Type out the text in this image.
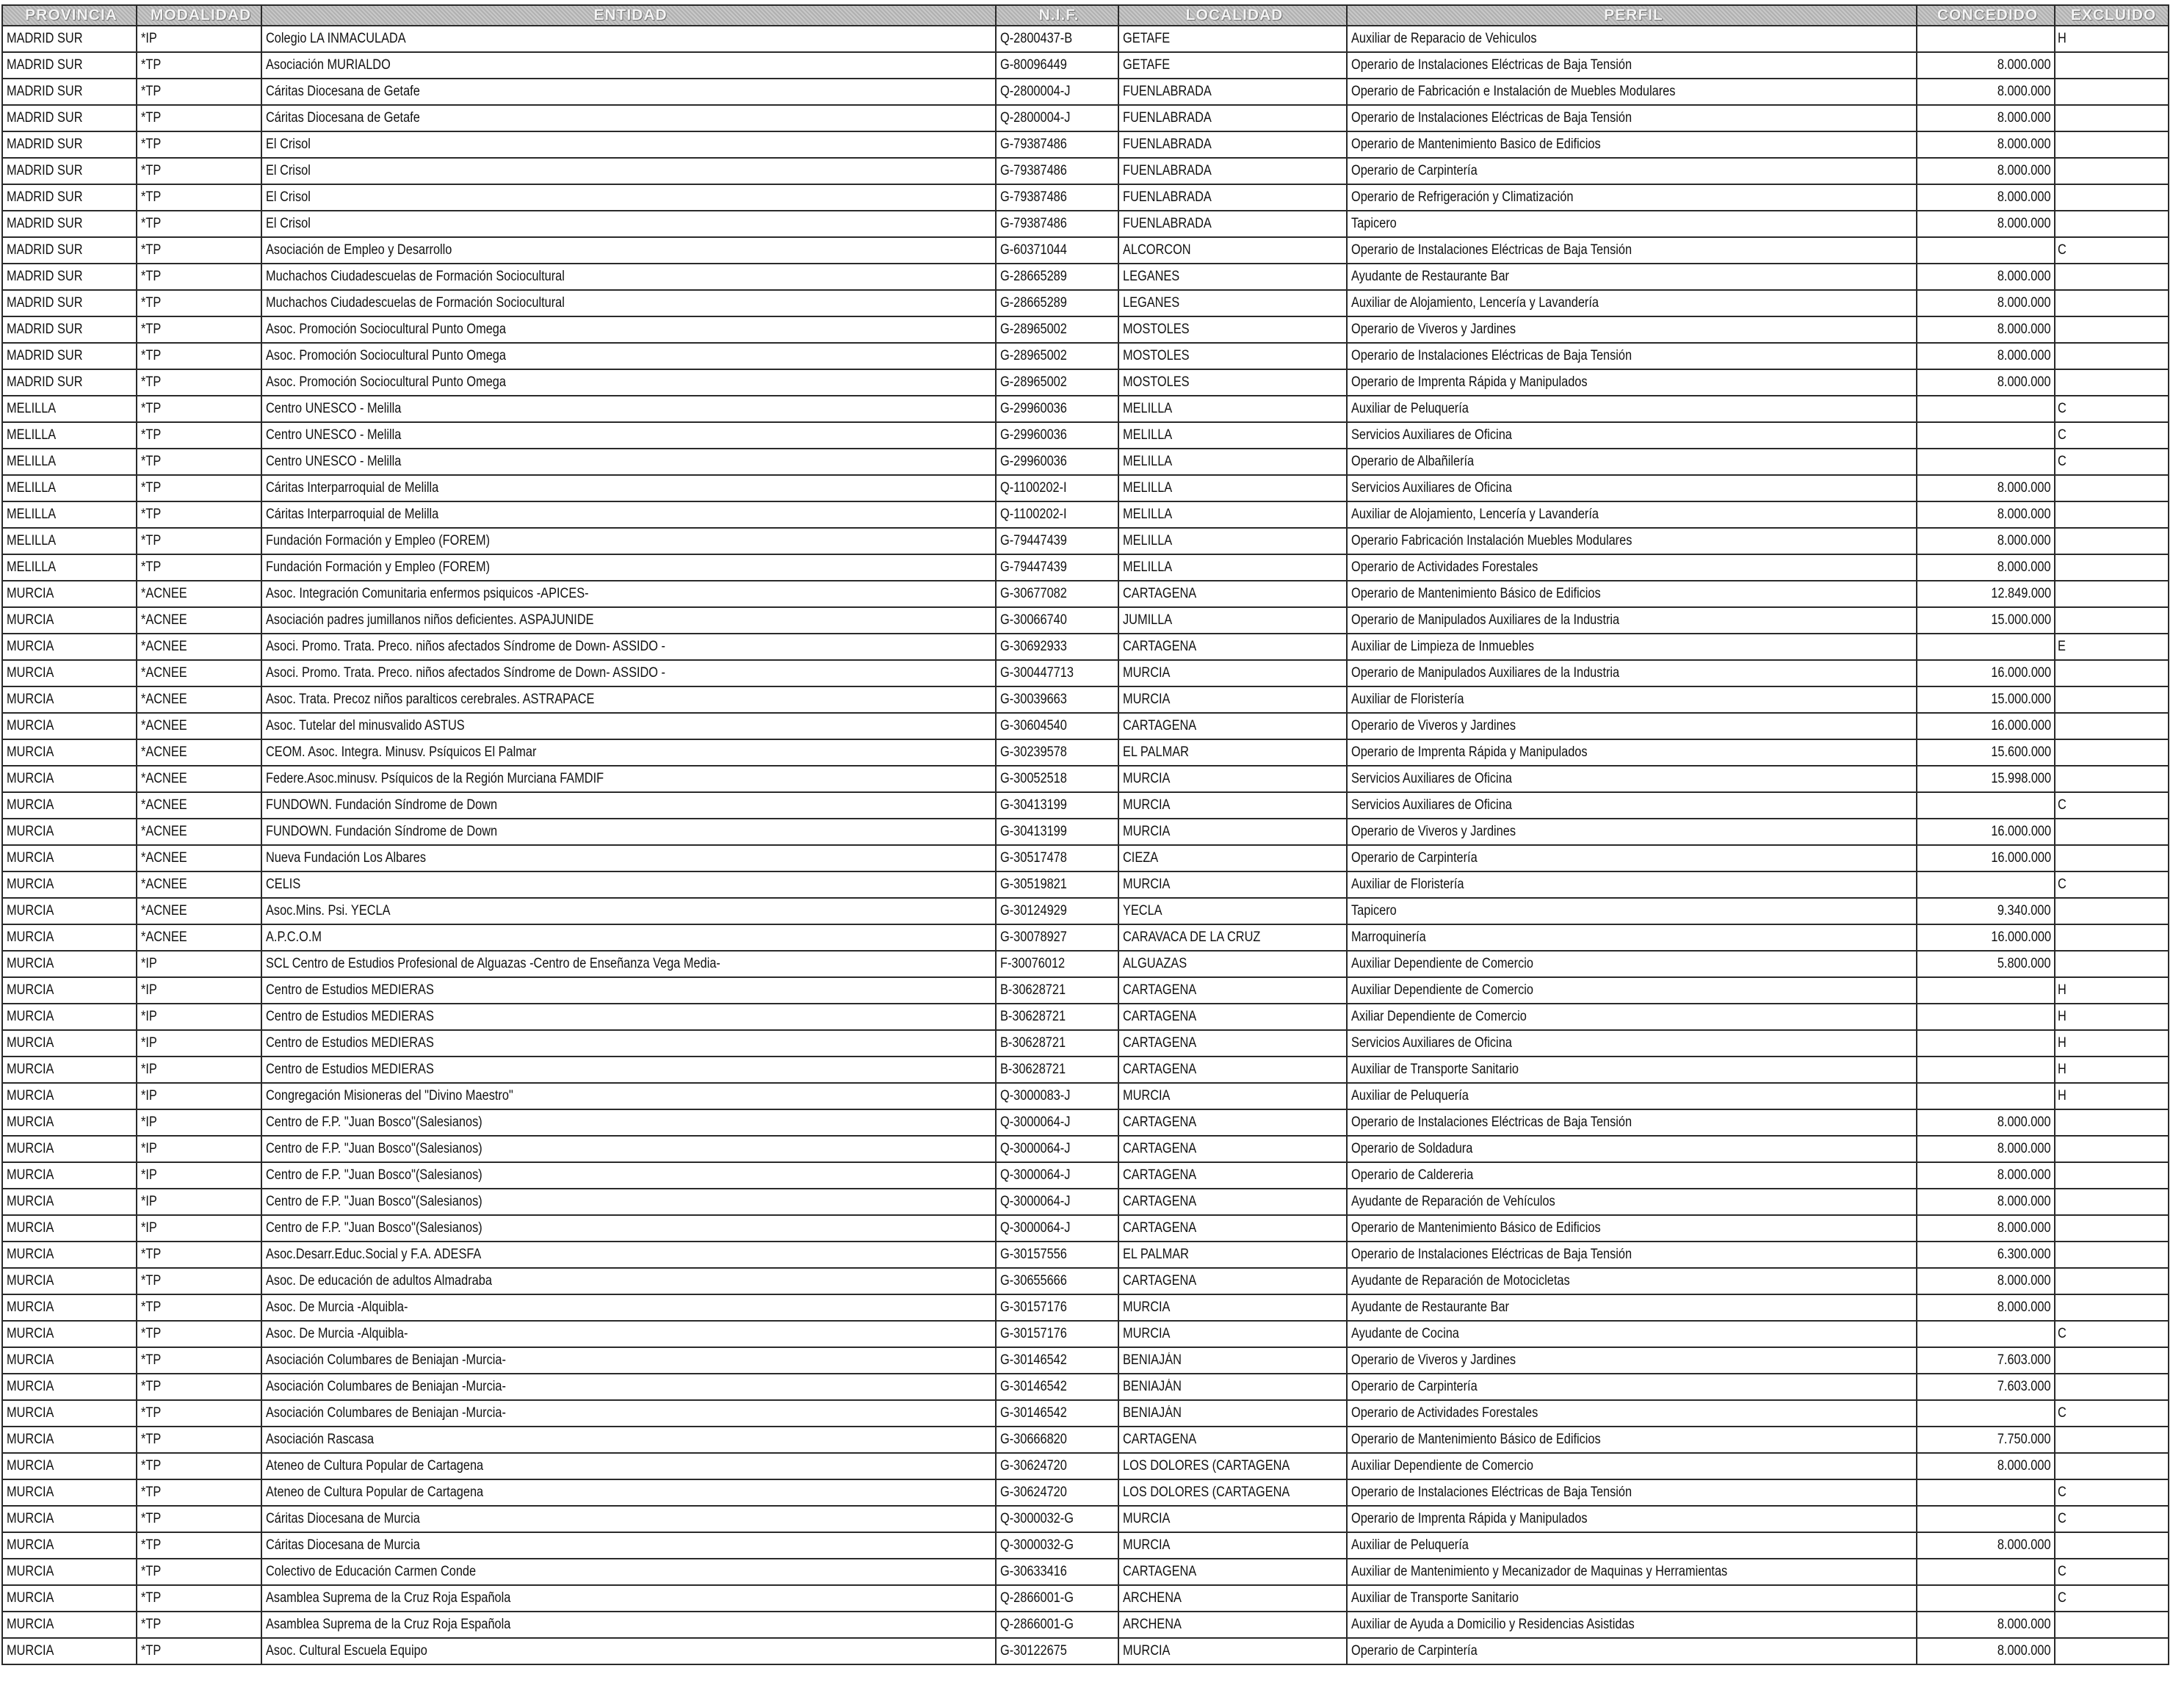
PROVINCIA	MODALIDAD	ENTIDAD	N.I.F.	LOCALIDAD	PERFIL	CONCEDIDO	EXCLUIDO
MADRID SUR	*IP	Colegio LA INMACULADA	Q-2800437-B	GETAFE	Auxiliar de Reparacio de Vehiculos		H
MADRID SUR	*TP	Asociación MURIALDO	G-80096449	GETAFE	Operario de Instalaciones Eléctricas de Baja Tensión	8.000.000	
MADRID SUR	*TP	Cáritas Diocesana de Getafe	Q-2800004-J	FUENLABRADA	Operario de Fabricación e Instalación de Muebles Modulares	8.000.000	
MADRID SUR	*TP	Cáritas Diocesana de Getafe	Q-2800004-J	FUENLABRADA	Operario de Instalaciones Eléctricas de Baja Tensión	8.000.000	
MADRID SUR	*TP	El Crisol	G-79387486	FUENLABRADA	Operario de Mantenimiento Basico de Edificios	8.000.000	
MADRID SUR	*TP	El Crisol	G-79387486	FUENLABRADA	Operario de Carpintería	8.000.000	
MADRID SUR	*TP	El Crisol	G-79387486	FUENLABRADA	Operario de Refrigeración y Climatización	8.000.000	
MADRID SUR	*TP	El Crisol	G-79387486	FUENLABRADA	Tapicero	8.000.000	
MADRID SUR	*TP	Asociación de Empleo y Desarrollo	G-60371044	ALCORCON	Operario de Instalaciones Eléctricas de Baja Tensión		C
MADRID SUR	*TP	Muchachos Ciudadescuelas de Formación Sociocultural	G-28665289	LEGANES	Ayudante de Restaurante Bar	8.000.000	
MADRID SUR	*TP	Muchachos Ciudadescuelas de Formación Sociocultural	G-28665289	LEGANES	Auxiliar de Alojamiento, Lencería y Lavandería	8.000.000	
MADRID SUR	*TP	Asoc. Promoción Sociocultural Punto Omega	G-28965002	MOSTOLES	Operario de Viveros y Jardines	8.000.000	
MADRID SUR	*TP	Asoc. Promoción Sociocultural Punto Omega	G-28965002	MOSTOLES	Operario de Instalaciones Eléctricas de Baja Tensión	8.000.000	
MADRID SUR	*TP	Asoc. Promoción Sociocultural Punto Omega	G-28965002	MOSTOLES	Operario de Imprenta Rápida y Manipulados	8.000.000	
MELILLA	*TP	Centro UNESCO - Melilla	G-29960036	MELILLA	Auxiliar de Peluquería		C
MELILLA	*TP	Centro UNESCO - Melilla	G-29960036	MELILLA	Servicios Auxiliares de Oficina		C
MELILLA	*TP	Centro UNESCO - Melilla	G-29960036	MELILLA	Operario de Albañilería		C
MELILLA	*TP	Cáritas Interparroquial de Melilla	Q-1100202-I	MELILLA	Servicios Auxiliares de Oficina	8.000.000	
MELILLA	*TP	Cáritas Interparroquial de Melilla	Q-1100202-I	MELILLA	Auxiliar de Alojamiento, Lencería y Lavandería	8.000.000	
MELILLA	*TP	Fundación Formación y Empleo (FOREM)	G-79447439	MELILLA	Operario Fabricación Instalación Muebles Modulares	8.000.000	
MELILLA	*TP	Fundación Formación y Empleo (FOREM)	G-79447439	MELILLA	Operario de Actividades Forestales	8.000.000	
MURCIA	*ACNEE	Asoc. Integración Comunitaria enfermos psiquicos -APICES-	G-30677082	CARTAGENA	Operario de Mantenimiento Básico de Edificios	12.849.000	
MURCIA	*ACNEE	Asociación padres jumillanos niños deficientes. ASPAJUNIDE	G-30066740	JUMILLA	Operario de Manipulados Auxiliares de la Industria	15.000.000	
MURCIA	*ACNEE	Asoci. Promo. Trata. Preco. niños afectados Síndrome de Down- ASSIDO -	G-30692933	CARTAGENA	Auxiliar de Limpieza de Inmuebles		E
MURCIA	*ACNEE	Asoci. Promo. Trata. Preco. niños afectados Síndrome de Down- ASSIDO -	G-300447713	MURCIA	Operario de Manipulados Auxiliares de la Industria	16.000.000	
MURCIA	*ACNEE	Asoc. Trata. Precoz niños paralticos cerebrales. ASTRAPACE	G-30039663	MURCIA	Auxiliar de Floristería	15.000.000	
MURCIA	*ACNEE	Asoc. Tutelar del minusvalido ASTUS	G-30604540	CARTAGENA	Operario de Viveros y Jardines	16.000.000	
MURCIA	*ACNEE	CEOM. Asoc. Integra. Minusv. Psíquicos El Palmar	G-30239578	EL PALMAR	Operario de Imprenta Rápida y Manipulados	15.600.000	
MURCIA	*ACNEE	Federe.Asoc.minusv. Psíquicos de la Región Murciana FAMDIF	G-30052518	MURCIA	Servicios Auxiliares de Oficina	15.998.000	
MURCIA	*ACNEE	FUNDOWN. Fundación Síndrome de Down	G-30413199	MURCIA	Servicios Auxiliares de Oficina		C
MURCIA	*ACNEE	FUNDOWN. Fundación Síndrome de Down	G-30413199	MURCIA	Operario de Viveros y Jardines	16.000.000	
MURCIA	*ACNEE	Nueva Fundación Los Albares	G-30517478	CIEZA	Operario de Carpintería	16.000.000	
MURCIA	*ACNEE	CELIS	G-30519821	MURCIA	Auxiliar de Floristería		C
MURCIA	*ACNEE	Asoc.Mins. Psi. YECLA	G-30124929	YECLA	Tapicero	9.340.000	
MURCIA	*ACNEE	A.P.C.O.M	G-30078927	CARAVACA DE LA CRUZ	Marroquinería	16.000.000	
MURCIA	*IP	SCL Centro de Estudios Profesional de Alguazas -Centro de Enseñanza Vega Media-	F-30076012	ALGUAZAS	Auxiliar Dependiente de Comercio	5.800.000	
MURCIA	*IP	Centro de Estudios MEDIERAS	B-30628721	CARTAGENA	Auxiliar Dependiente de Comercio		H
MURCIA	*IP	Centro de Estudios MEDIERAS	B-30628721	CARTAGENA	Axiliar Dependiente de Comercio		H
MURCIA	*IP	Centro de Estudios MEDIERAS	B-30628721	CARTAGENA	Servicios Auxiliares de Oficina		H
MURCIA	*IP	Centro de Estudios MEDIERAS	B-30628721	CARTAGENA	Auxiliar de Transporte Sanitario		H
MURCIA	*IP	Congregación Misioneras del "Divino Maestro"	Q-3000083-J	MURCIA	Auxiliar de Peluquería		H
MURCIA	*IP	Centro de F.P. "Juan Bosco"(Salesianos)	Q-3000064-J	CARTAGENA	Operario de Instalaciones Eléctricas de Baja Tensión	8.000.000	
MURCIA	*IP	Centro de F.P. "Juan Bosco"(Salesianos)	Q-3000064-J	CARTAGENA	Operario de Soldadura	8.000.000	
MURCIA	*IP	Centro de F.P. "Juan Bosco"(Salesianos)	Q-3000064-J	CARTAGENA	Operario de Caldereria	8.000.000	
MURCIA	*IP	Centro de F.P. "Juan Bosco"(Salesianos)	Q-3000064-J	CARTAGENA	Ayudante de Reparación de Vehículos	8.000.000	
MURCIA	*IP	Centro de F.P. "Juan Bosco"(Salesianos)	Q-3000064-J	CARTAGENA	Operario de Mantenimiento Básico de Edificios	8.000.000	
MURCIA	*TP	Asoc.Desarr.Educ.Social y F.A. ADESFA	G-30157556	EL PALMAR	Operario de Instalaciones Eléctricas de Baja Tensión	6.300.000	
MURCIA	*TP	Asoc. De educación de adultos Almadraba	G-30655666	CARTAGENA	Ayudante de Reparación de Motocicletas	8.000.000	
MURCIA	*TP	Asoc. De Murcia -Alquibla-	G-30157176	MURCIA	Ayudante de Restaurante Bar	8.000.000	
MURCIA	*TP	Asoc. De Murcia -Alquibla-	G-30157176	MURCIA	Ayudante de Cocina		C
MURCIA	*TP	Asociación Columbares de Beniajan -Murcia-	G-30146542	BENIAJÁN	Operario de Viveros y Jardines	7.603.000	
MURCIA	*TP	Asociación Columbares de Beniajan -Murcia-	G-30146542	BENIAJÁN	Operario de Carpintería	7.603.000	
MURCIA	*TP	Asociación Columbares de Beniajan -Murcia-	G-30146542	BENIAJÁN	Operario de Actividades Forestales		C
MURCIA	*TP	Asociación Rascasa	G-30666820	CARTAGENA	Operario de Mantenimiento Básico de Edificios	7.750.000	
MURCIA	*TP	Ateneo de Cultura Popular de Cartagena	G-30624720	LOS DOLORES (CARTAGENA	Auxiliar Dependiente de Comercio	8.000.000	
MURCIA	*TP	Ateneo de Cultura Popular de Cartagena	G-30624720	LOS DOLORES (CARTAGENA	Operario de Instalaciones Eléctricas de Baja Tensión		C
MURCIA	*TP	Cáritas Diocesana de Murcia	Q-3000032-G	MURCIA	Operario de Imprenta Rápida y Manipulados		C
MURCIA	*TP	Cáritas Diocesana de Murcia	Q-3000032-G	MURCIA	Auxiliar de Peluquería	8.000.000	
MURCIA	*TP	Colectivo de Educación Carmen Conde	G-30633416	CARTAGENA	Auxiliar de Mantenimiento y Mecanizador de Maquinas y Herramientas		C
MURCIA	*TP	Asamblea Suprema de la Cruz Roja Española	Q-2866001-G	ARCHENA	Auxiliar de Transporte Sanitario		C
MURCIA	*TP	Asamblea Suprema de la Cruz Roja Española	Q-2866001-G	ARCHENA	Auxiliar de Ayuda a Domicilio y Residencias Asistidas	8.000.000	
MURCIA	*TP	Asoc. Cultural Escuela Equipo	G-30122675	MURCIA	Operario de Carpintería	8.000.000	
